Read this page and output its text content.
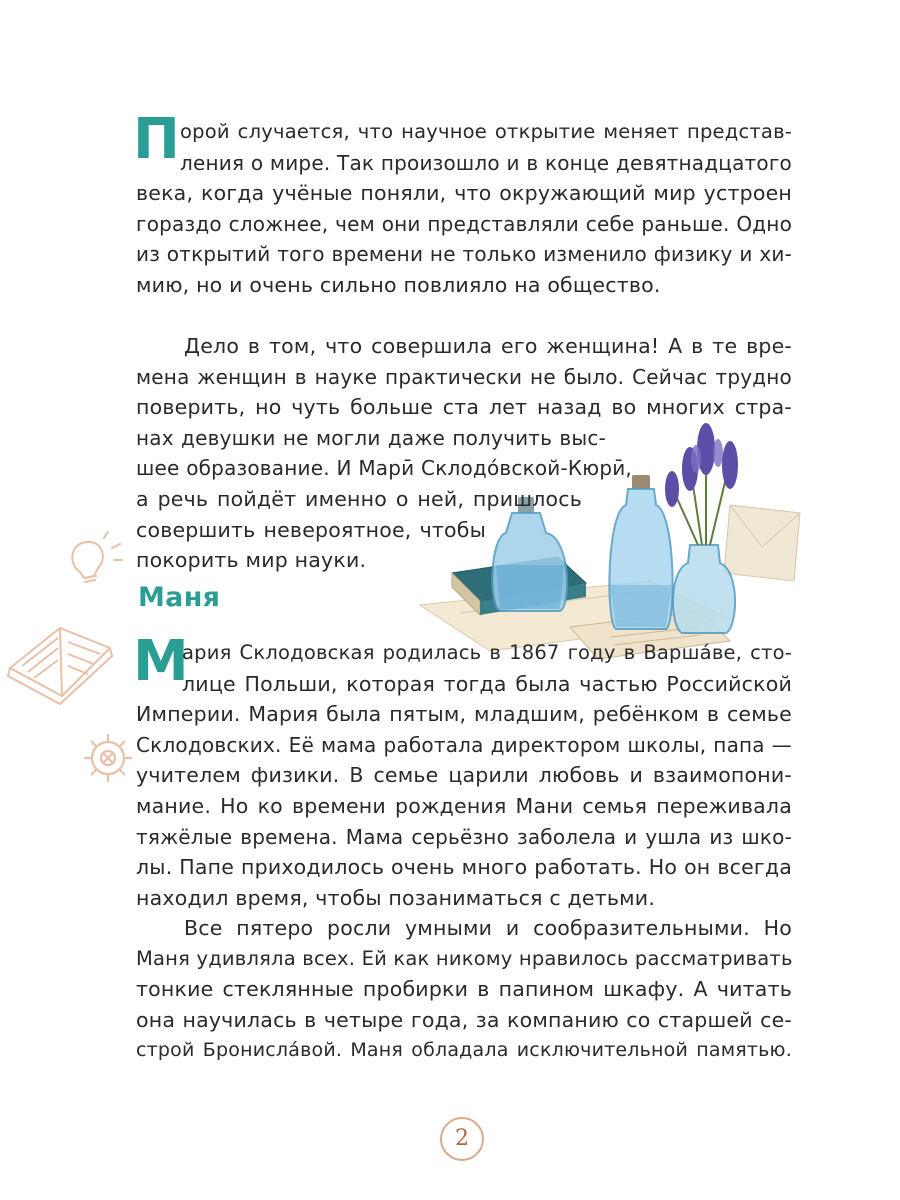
П орой случается, что научное открытие меняет представ-
ления о мире. Так произошло и в конце девятнадцатого
века, когда учёные поняли, что окружающий мир устроен
гораздо сложнее, чем они представляли себе раньше. Одно
из открытий того времени не только изменило физику и хи-
мию, но и очень сильно повлияло на общество.
Дело в том, что совершила его женщина! А в те вре-
мена женщин в науке практически не было. Сейчас трудно
поверить, но чуть больше ста лет назад во многих стра-
нах девушки не могли даже получить выс-
шее образование. И Марӣ Склодо́вской-Кюрӣ,
а речь пойдёт именно о ней, пришлось
совершить невероятное, чтобы
покорить мир науки.
Маня
М
ария Склодовская родилась в 1867 году в Варша́ве, сто-
лице Польши, которая тогда была частью Российской
Империи. Мария была пятым, младшим, ребёнком в семье
Склодовских. Её мама работала директором школы, папа —
учителем физики. В семье царили любовь и взаимопони-
мание. Но ко времени рождения Мани семья переживала
тяжёлые времена. Мама серьёзно заболела и ушла из шко-
лы. Папе приходилось очень много работать. Но он всегда
находил время, чтобы позаниматься с детьми.
Все пятеро росли умными и сообразительными. Но
Маня удивляла всех. Ей как никому нравилось рассматривать
тонкие стеклянные пробирки в папином шкафу. А читать
она научилась в четыре года, за компанию со старшей се-
строй Бронисла́вой. Маня обладала исключительной памятью.
2
